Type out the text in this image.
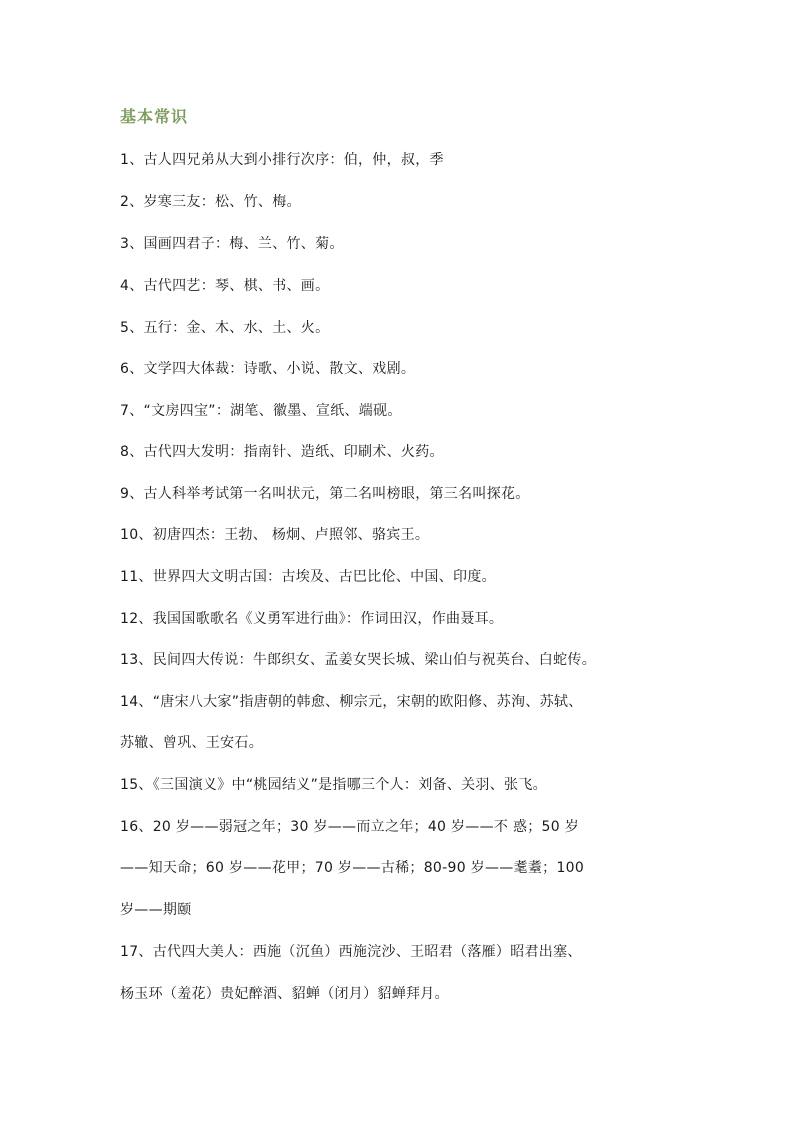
基本常识
1、古人四兄弟从大到小排行次序：伯，仲，叔，季
2、岁寒三友：松、竹、梅。
3、国画四君子：梅、兰、竹、菊。
4、古代四艺：琴、棋、书、画。
5、五行：金、木、水、土、火。
6、文学四大体裁：诗歌、小说、散文、戏剧。
7、“文房四宝”：湖笔、徽墨、宣纸、端砚。
8、古代四大发明：指南针、造纸、印刷术、火药。
9、古人科举考试第一名叫状元，第二名叫榜眼，第三名叫探花。
10、初唐四杰：王勃、 杨炯、卢照邻、骆宾王。
11、世界四大文明古国：古埃及、古巴比伦、中国、印度。
12、我国国歌歌名《义勇军进行曲》：作词田汉，作曲聂耳。
13、民间四大传说：牛郎织女、孟姜女哭长城、梁山伯与祝英台、白蛇传。
14、“唐宋八大家”指唐朝的韩愈、柳宗元，宋朝的欧阳修、苏洵、苏轼、
苏辙、曾巩、王安石。
15、《三国演义》中“桃园结义”是指哪三个人：刘备、关羽、张飞。
16、20 岁——弱冠之年；30 岁——而立之年；40 岁——不 惑；50 岁
——知天命；60 岁——花甲；70 岁——古稀；80-90 岁——耄耋；100
岁——期颐
17、古代四大美人：西施（沉鱼）西施浣沙、王昭君（落雁）昭君出塞、
杨玉环（羞花）贵妃醉酒、貂蝉（闭月）貂蝉拜月。
